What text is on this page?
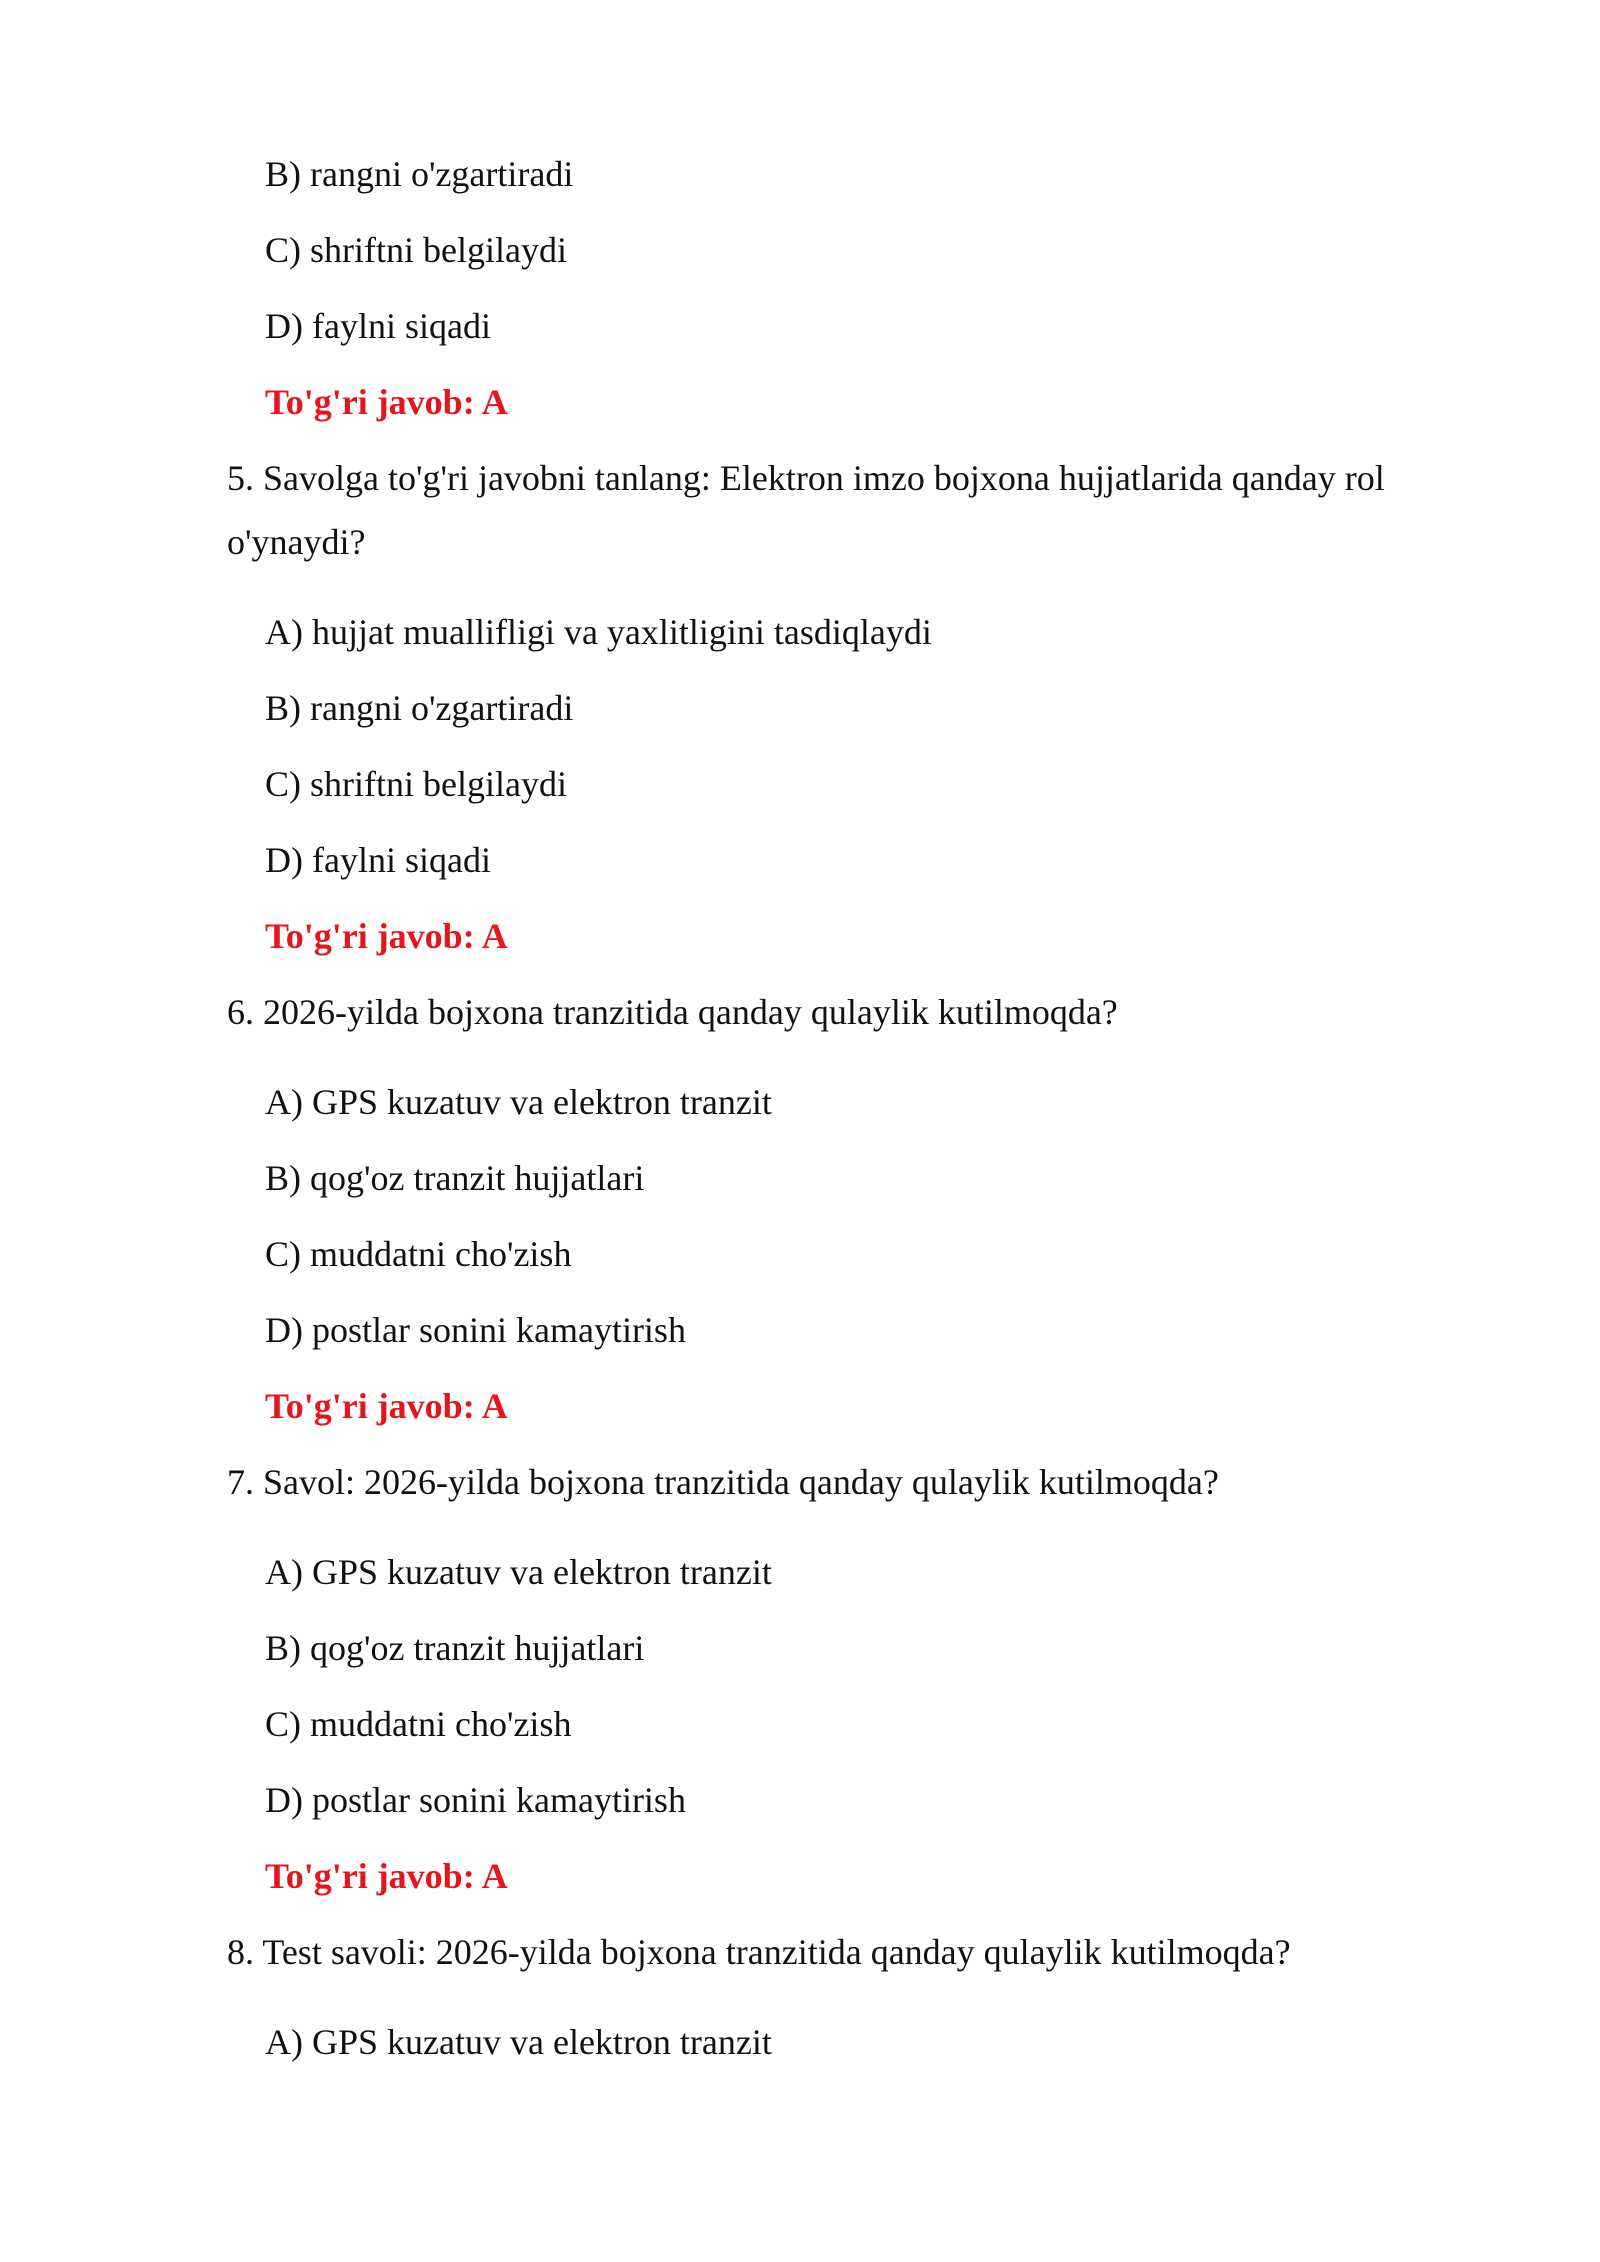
B) rangni o'zgartiradi
C) shriftni belgilaydi
D) faylni siqadi
To'g'ri javob: A
5. Savolga to'g'ri javobni tanlang: Elektron imzo bojxona hujjatlarida qanday rol
o'ynaydi?
A) hujjat muallifligi va yaxlitligini tasdiqlaydi
B) rangni o'zgartiradi
C) shriftni belgilaydi
D) faylni siqadi
To'g'ri javob: A
6. 2026-yilda bojxona tranzitida qanday qulaylik kutilmoqda?
A) GPS kuzatuv va elektron tranzit
B) qog'oz tranzit hujjatlari
C) muddatni cho'zish
D) postlar sonini kamaytirish
To'g'ri javob: A
7. Savol: 2026-yilda bojxona tranzitida qanday qulaylik kutilmoqda?
A) GPS kuzatuv va elektron tranzit
B) qog'oz tranzit hujjatlari
C) muddatni cho'zish
D) postlar sonini kamaytirish
To'g'ri javob: A
8. Test savoli: 2026-yilda bojxona tranzitida qanday qulaylik kutilmoqda?
A) GPS kuzatuv va elektron tranzit
